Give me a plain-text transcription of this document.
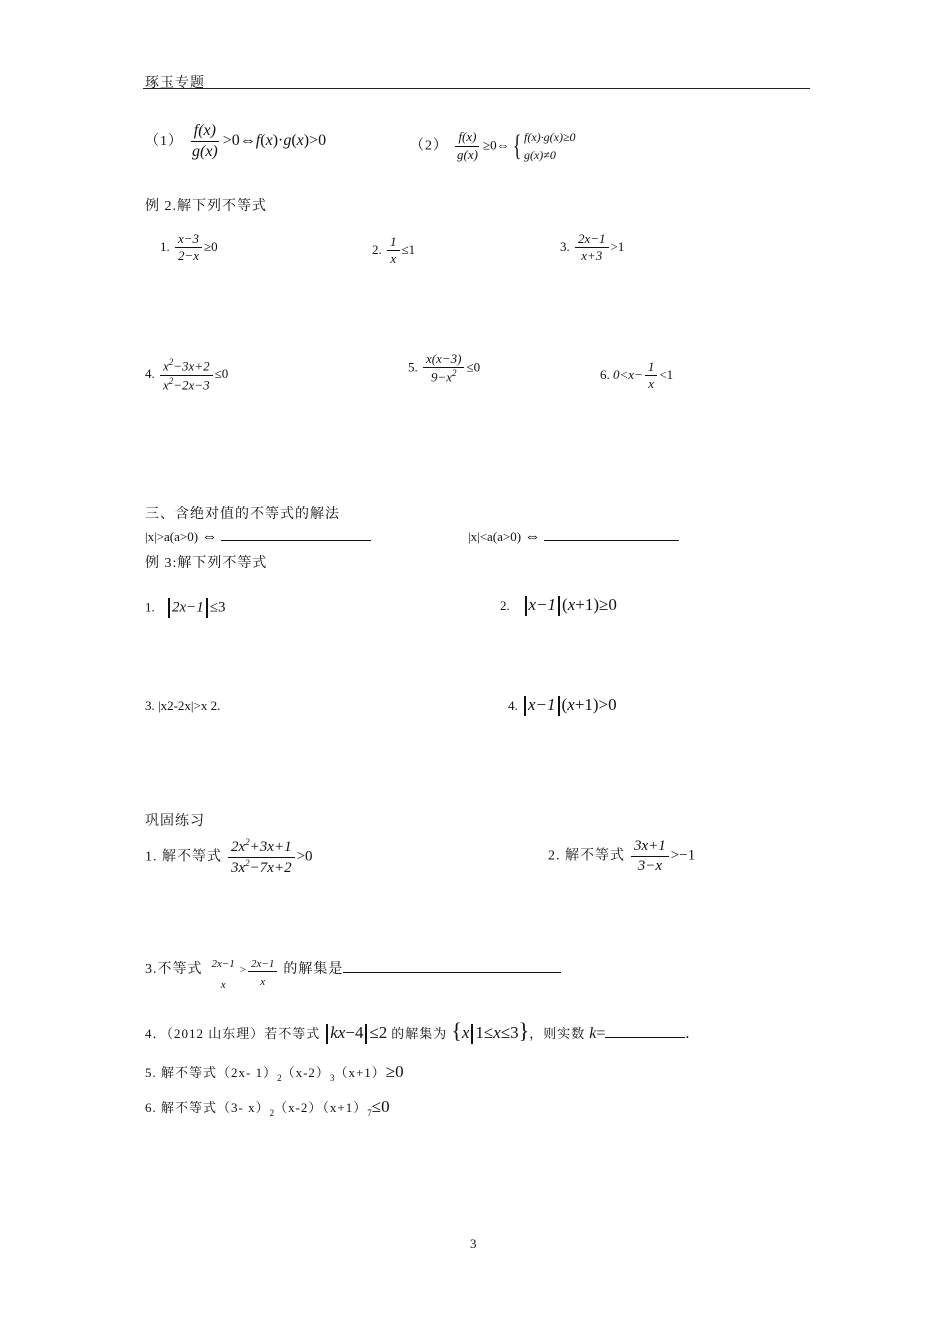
琢玉专题
$(1) \frac{f(x)}{g(x)}$ >0⇔f(x)·g(x)>0	$(2) \frac{f(x)}{g(x)}$ ≥0⇔{ f(x)·g(x)≥0
g(x)≠0
例 2.解下列不等式
1. $\frac{x-3}{2-x} \ge 0$	2. $\frac{1}{x} \le 1$	3. $\frac{2x-1}{x+3} >1$
4. $\frac{x^2-3x+2}{x^2-2x-3} \le 0$	5. $\frac{x(x-3)}{9-x^2} \le 0$	6. $0<x- \frac{1}{x} <1$
三、含绝对值的不等式的解法
|x|>a(a>0) ⇔	|x|<a(a>0) ⇔
例 3:解下列不等式
1. 2x−1 ≤3	2. x−1 (x+1)≥0
3. |x2-2x|>x 2.	4. x−1 (x+1)>0
巩固练习
1. 解不等式 $\frac{2x^2+3x+1}{3x^2-7x+2} >0$	2. 解不等式 $\frac{3x+1}{3-x} >-1$
3.不等式 2x−1
x
> $\frac{2x-1}{x}$ 的解集是
4．（2012 山东理）若不等式 kx−4 ≤2 的解集为 {x 1≤x≤3}，则实数 k=	.
5. 解不等式（2x- $1)_2(x-2)_3(x+1)\ge 0$
6. 解不等式（3- $x)_2(x-2)(x+1)_7\le 0$
3
